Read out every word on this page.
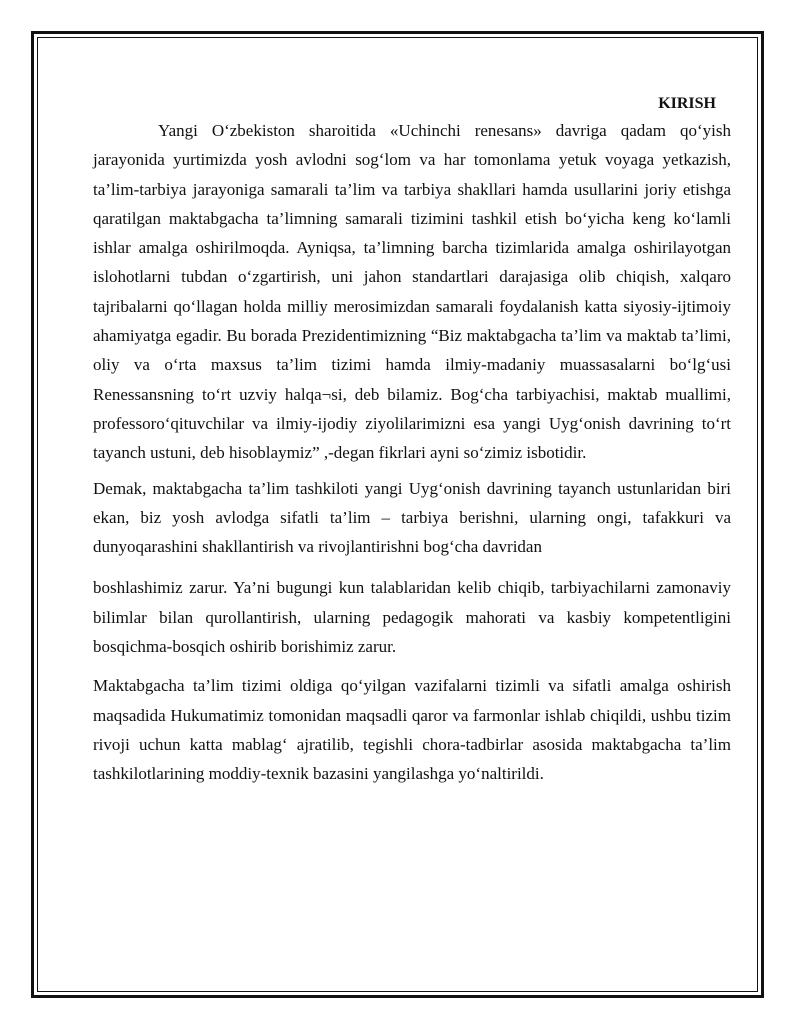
KIRISH

Yangi O‘zbekiston sharoitida «Uchinchi renesans» davriga qadam qo‘yish jarayonida yurtimizda yosh avlodni sog‘lom va har tomonlama yetuk voyaga yetkazish, ta’lim-tarbiya jarayoniga samarali ta’lim va tarbiya shakllari hamda usullarini joriy etishga qaratilgan maktabgacha ta’limning samarali tizimini tashkil etish bo‘yicha keng ko‘lamli ishlar amalga oshirilmoqda. Ayniqsa, ta’limning barcha tizimlarida amalga oshirilayotgan islohotlarni tubdan o‘zgartirish, uni jahon standartlari darajasiga olib chiqish, xalqaro tajribalarni qo‘llagan holda milliy merosimizdan samarali foydalanish katta siyosiy-ijtimoiy ahamiyatga egadir. Bu borada Prezidentimizning “Biz maktabgacha ta’lim va maktab ta’limi, oliy va o‘rta maxsus ta’lim tizimi hamda ilmiy-madaniy muassasalarni bo‘lg‘usi Renessansning to‘rt uzviy halqa¬si, deb bilamiz. Bog‘cha tarbiyachisi, maktab muallimi, professoro‘qituvchilar va ilmiy-ijodiy ziyolilarimizni esa yangi Uyg‘onish davrining to‘rt tayanch ustuni, deb hisoblaymiz” ,-degan fikrlari ayni so‘zimiz isbotidir.

Demak, maktabgacha ta’lim tashkiloti yangi Uyg‘onish davrining tayanch ustunlaridan biri ekan, biz yosh avlodga sifatli ta’lim – tarbiya berishni, ularning ongi, tafakkuri va dunyoqarashini shakllantirish va rivojlantirishni bog‘cha davridan

boshlashimiz zarur. Ya’ni bugungi kun talablaridan kelib chiqib, tarbiyachilarni zamonaviy bilimlar bilan qurollantirish, ularning pedagogik mahorati va kasbiy kompetentligini bosqichma-bosqich oshirib borishimiz zarur.

Maktabgacha ta’lim tizimi oldiga qo‘yilgan vazifalarni tizimli va sifatli amalga oshirish maqsadida Hukumatimiz tomonidan maqsadli qaror va farmonlar ishlab chiqildi, ushbu tizim rivoji uchun katta mablag‘ ajratilib, tegishli chora-tadbirlar asosida maktabgacha ta’lim tashkilotlarining moddiy-texnik bazasini yangilashga yo‘naltirildi.
